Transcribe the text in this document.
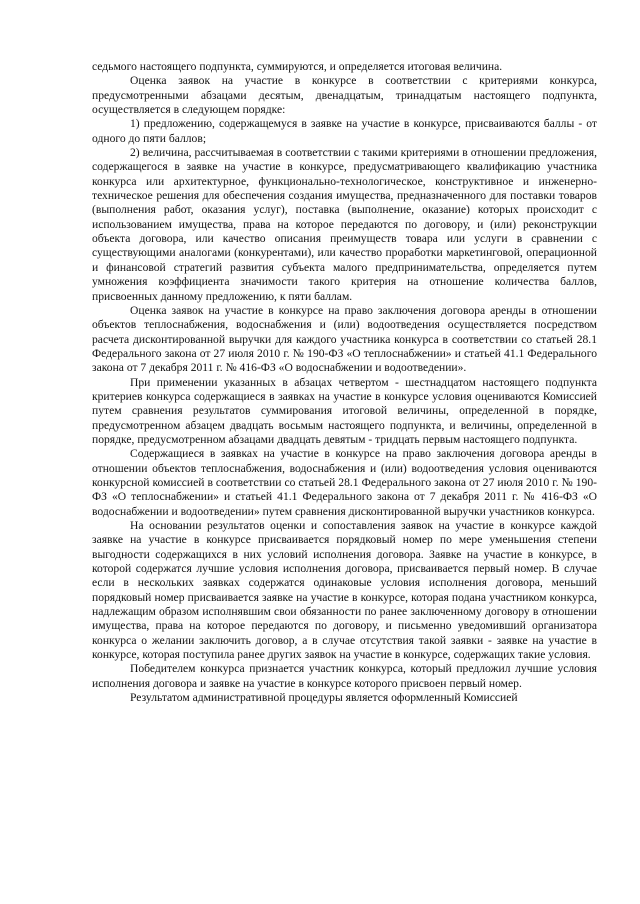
седьмого настоящего подпункта, суммируются, и определяется итоговая величина.

Оценка заявок на участие в конкурсе в соответствии с критериями конкурса, предусмотренными абзацами десятым, двенадцатым, тринадцатым настоящего подпункта, осуществляется в следующем порядке:

1) предложению, содержащемуся в заявке на участие в конкурсе, присваиваются баллы - от одного до пяти баллов;

2) величина, рассчитываемая в соответствии с такими критериями в отношении предложения, содержащегося в заявке на участие в конкурсе, предусматривающего квалификацию участника конкурса или архитектурное, функционально-технологическое, конструктивное и инженерно-техническое решения для обеспечения создания имущества, предназначенного для поставки товаров (выполнения работ, оказания услуг), поставка (выполнение, оказание) которых происходит с использованием имущества, права на которое передаются по договору, и (или) реконструкции объекта договора, или качество описания преимуществ товара или услуги в сравнении с существующими аналогами (конкурентами), или качество проработки маркетинговой, операционной и финансовой стратегий развития субъекта малого предпринимательства, определяется путем умножения коэффициента значимости такого критерия на отношение количества баллов, присвоенных данному предложению, к пяти баллам.

Оценка заявок на участие в конкурсе на право заключения договора аренды в отношении объектов теплоснабжения, водоснабжения и (или) водоотведения осуществляется посредством расчета дисконтированной выручки для каждого участника конкурса в соответствии со статьей 28.1 Федерального закона от 27 июля 2010 г. № 190-ФЗ «О теплоснабжении» и статьей 41.1 Федерального закона от 7 декабря 2011 г. № 416-ФЗ «О водоснабжении и водоотведении».

При применении указанных в абзацах четвертом - шестнадцатом настоящего подпункта критериев конкурса содержащиеся в заявках на участие в конкурсе условия оцениваются Комиссией путем сравнения результатов суммирования итоговой величины, определенной в порядке, предусмотренном абзацем двадцать восьмым настоящего подпункта, и величины, определенной в порядке, предусмотренном абзацами двадцать девятым - тридцать первым настоящего подпункта.

Содержащиеся в заявках на участие в конкурсе на право заключения договора аренды в отношении объектов теплоснабжения, водоснабжения и (или) водоотведения условия оцениваются конкурсной комиссией в соответствии со статьей 28.1 Федерального закона от 27 июля 2010 г. № 190-ФЗ «О теплоснабжении» и статьей 41.1 Федерального закона от 7 декабря 2011 г. № 416-ФЗ «О водоснабжении и водоотведении» путем сравнения дисконтированной выручки участников конкурса.

На основании результатов оценки и сопоставления заявок на участие в конкурсе каждой заявке на участие в конкурсе присваивается порядковый номер по мере уменьшения степени выгодности содержащихся в них условий исполнения договора. Заявке на участие в конкурсе, в которой содержатся лучшие условия исполнения договора, присваивается первый номер. В случае если в нескольких заявках содержатся одинаковые условия исполнения договора, меньший порядковый номер присваивается заявке на участие в конкурсе, которая подана участником конкурса, надлежащим образом исполнявшим свои обязанности по ранее заключенному договору в отношении имущества, права на которое передаются по договору, и письменно уведомивший организатора конкурса о желании заключить договор, а в случае отсутствия такой заявки - заявке на участие в конкурсе, которая поступила ранее других заявок на участие в конкурсе, содержащих такие условия.

Победителем конкурса признается участник конкурса, который предложил лучшие условия исполнения договора и заявке на участие в конкурсе которого присвоен первый номер.

Результатом административной процедуры является оформленный Комиссией
